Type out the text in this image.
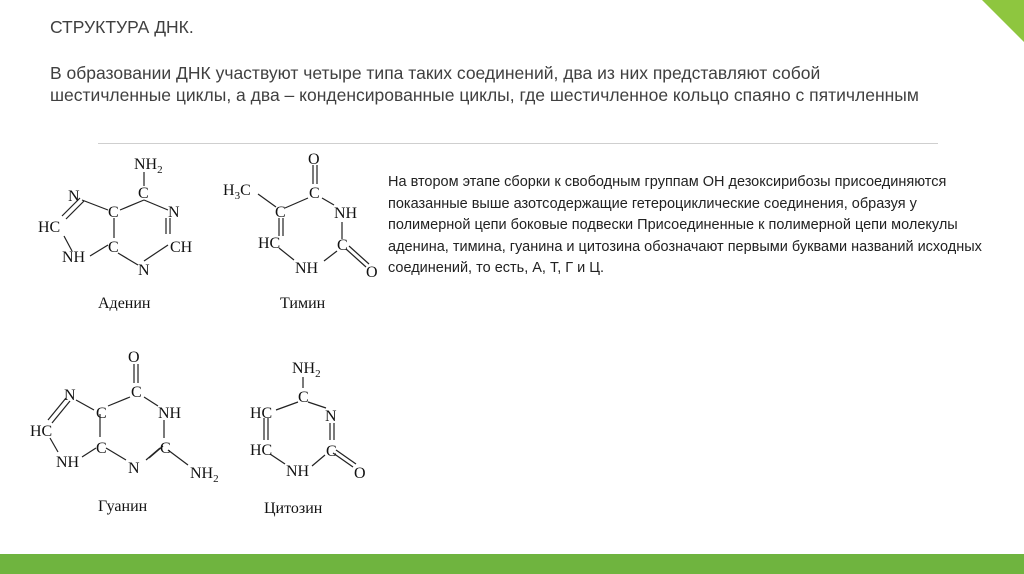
СТРУКТУРА ДНК.
В образовании ДНК участвуют четыре типа таких соединений, два из них представляют собой шестичленные циклы, а два – конденсированные циклы, где шестичленное кольцо спаяно с пятичленным
$NH_2$
C
C	N
N
HC
C	CH
NH
N
Аденин
O
$H_3C$	C
C	NH
HC	C
O
NH
Тимин
O
C
N
C	NH
HC
C	C
NH	N	$NH_2$
Гуанин
$NH_2$
C
HC	N
HC	C
O
NH
Цитозин
На втором этапе сборки к свободным группам OH дезоксирибозы присоединяются показанные выше азотсодержащие гетероциклические соединения, образуя у полимерной цепи боковые подвески Присоединенные к полимерной цепи молекулы аденина, тимина, гуанина и цитозина обозначают первыми буквами названий исходных соединений, то есть, А, Т, Г и Ц.
